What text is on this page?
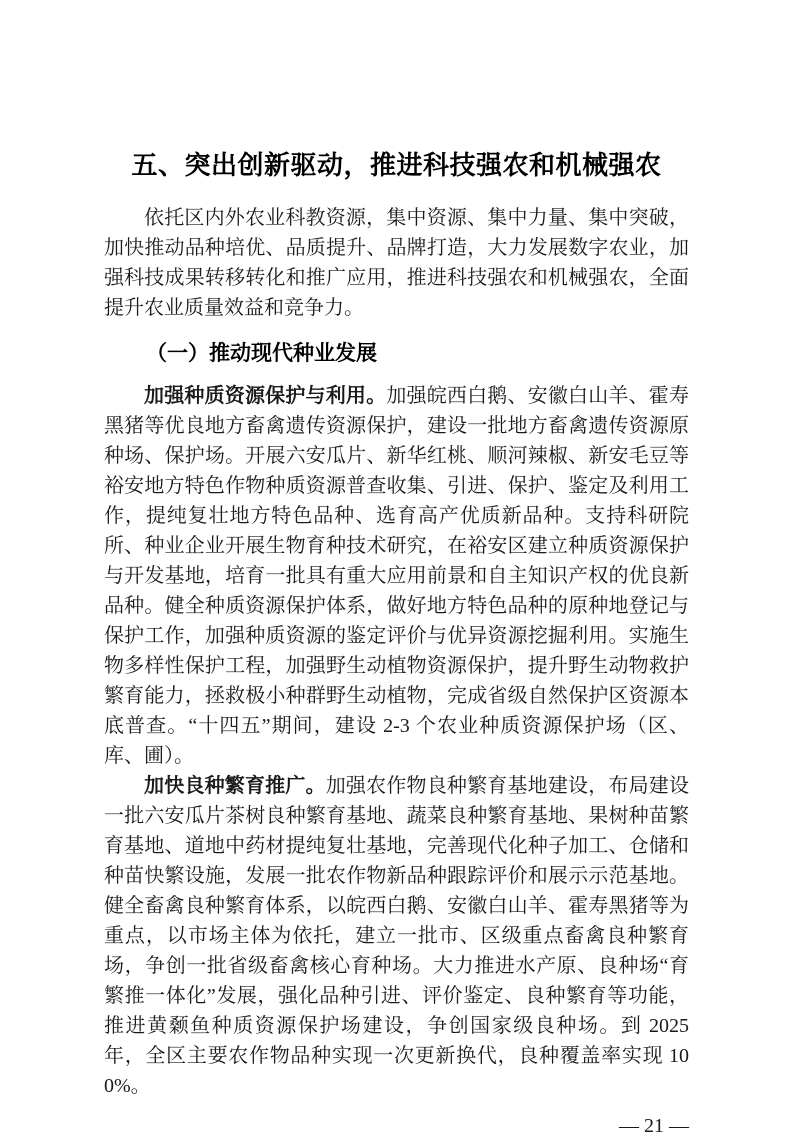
五、突出创新驱动，推进科技强农和机械强农

依托区内外农业科教资源，集中资源、集中力量、集中突破，加快推动品种培优、品质提升、品牌打造，大力发展数字农业，加强科技成果转移转化和推广应用，推进科技强农和机械强农，全面提升农业质量效益和竞争力。

（一）推动现代种业发展

加强种质资源保护与利用。加强皖西白鹅、安徽白山羊、霍寿黑猪等优良地方畜禽遗传资源保护，建设一批地方畜禽遗传资源原种场、保护场。开展六安瓜片、新华红桃、顺河辣椒、新安毛豆等裕安地方特色作物种质资源普查收集、引进、保护、鉴定及利用工作，提纯复壮地方特色品种、选育高产优质新品种。支持科研院所、种业企业开展生物育种技术研究，在裕安区建立种质资源保护与开发基地，培育一批具有重大应用前景和自主知识产权的优良新品种。健全种质资源保护体系，做好地方特色品种的原种地登记与保护工作，加强种质资源的鉴定评价与优异资源挖掘利用。实施生物多样性保护工程，加强野生动植物资源保护，提升野生动物救护繁育能力，拯救极小种群野生动植物，完成省级自然保护区资源本底普查。“十四五”期间，建设 2-3 个农业种质资源保护场（区、库、圃）。

加快良种繁育推广。加强农作物良种繁育基地建设，布局建设一批六安瓜片茶树良种繁育基地、蔬菜良种繁育基地、果树种苗繁育基地、道地中药材提纯复壮基地，完善现代化种子加工、仓储和种苗快繁设施，发展一批农作物新品种跟踪评价和展示示范基地。健全畜禽良种繁育体系，以皖西白鹅、安徽白山羊、霍寿黑猪等为重点，以市场主体为依托，建立一批市、区级重点畜禽良种繁育场，争创一批省级畜禽核心育种场。大力推进水产原、良种场“育繁推一体化”发展，强化品种引进、评价鉴定、良种繁育等功能，推进黄颡鱼种质资源保护场建设，争创国家级良种场。到 2025 年，全区主要农作物品种实现一次更新换代，良种覆盖率实现 100%。

— 21 —
